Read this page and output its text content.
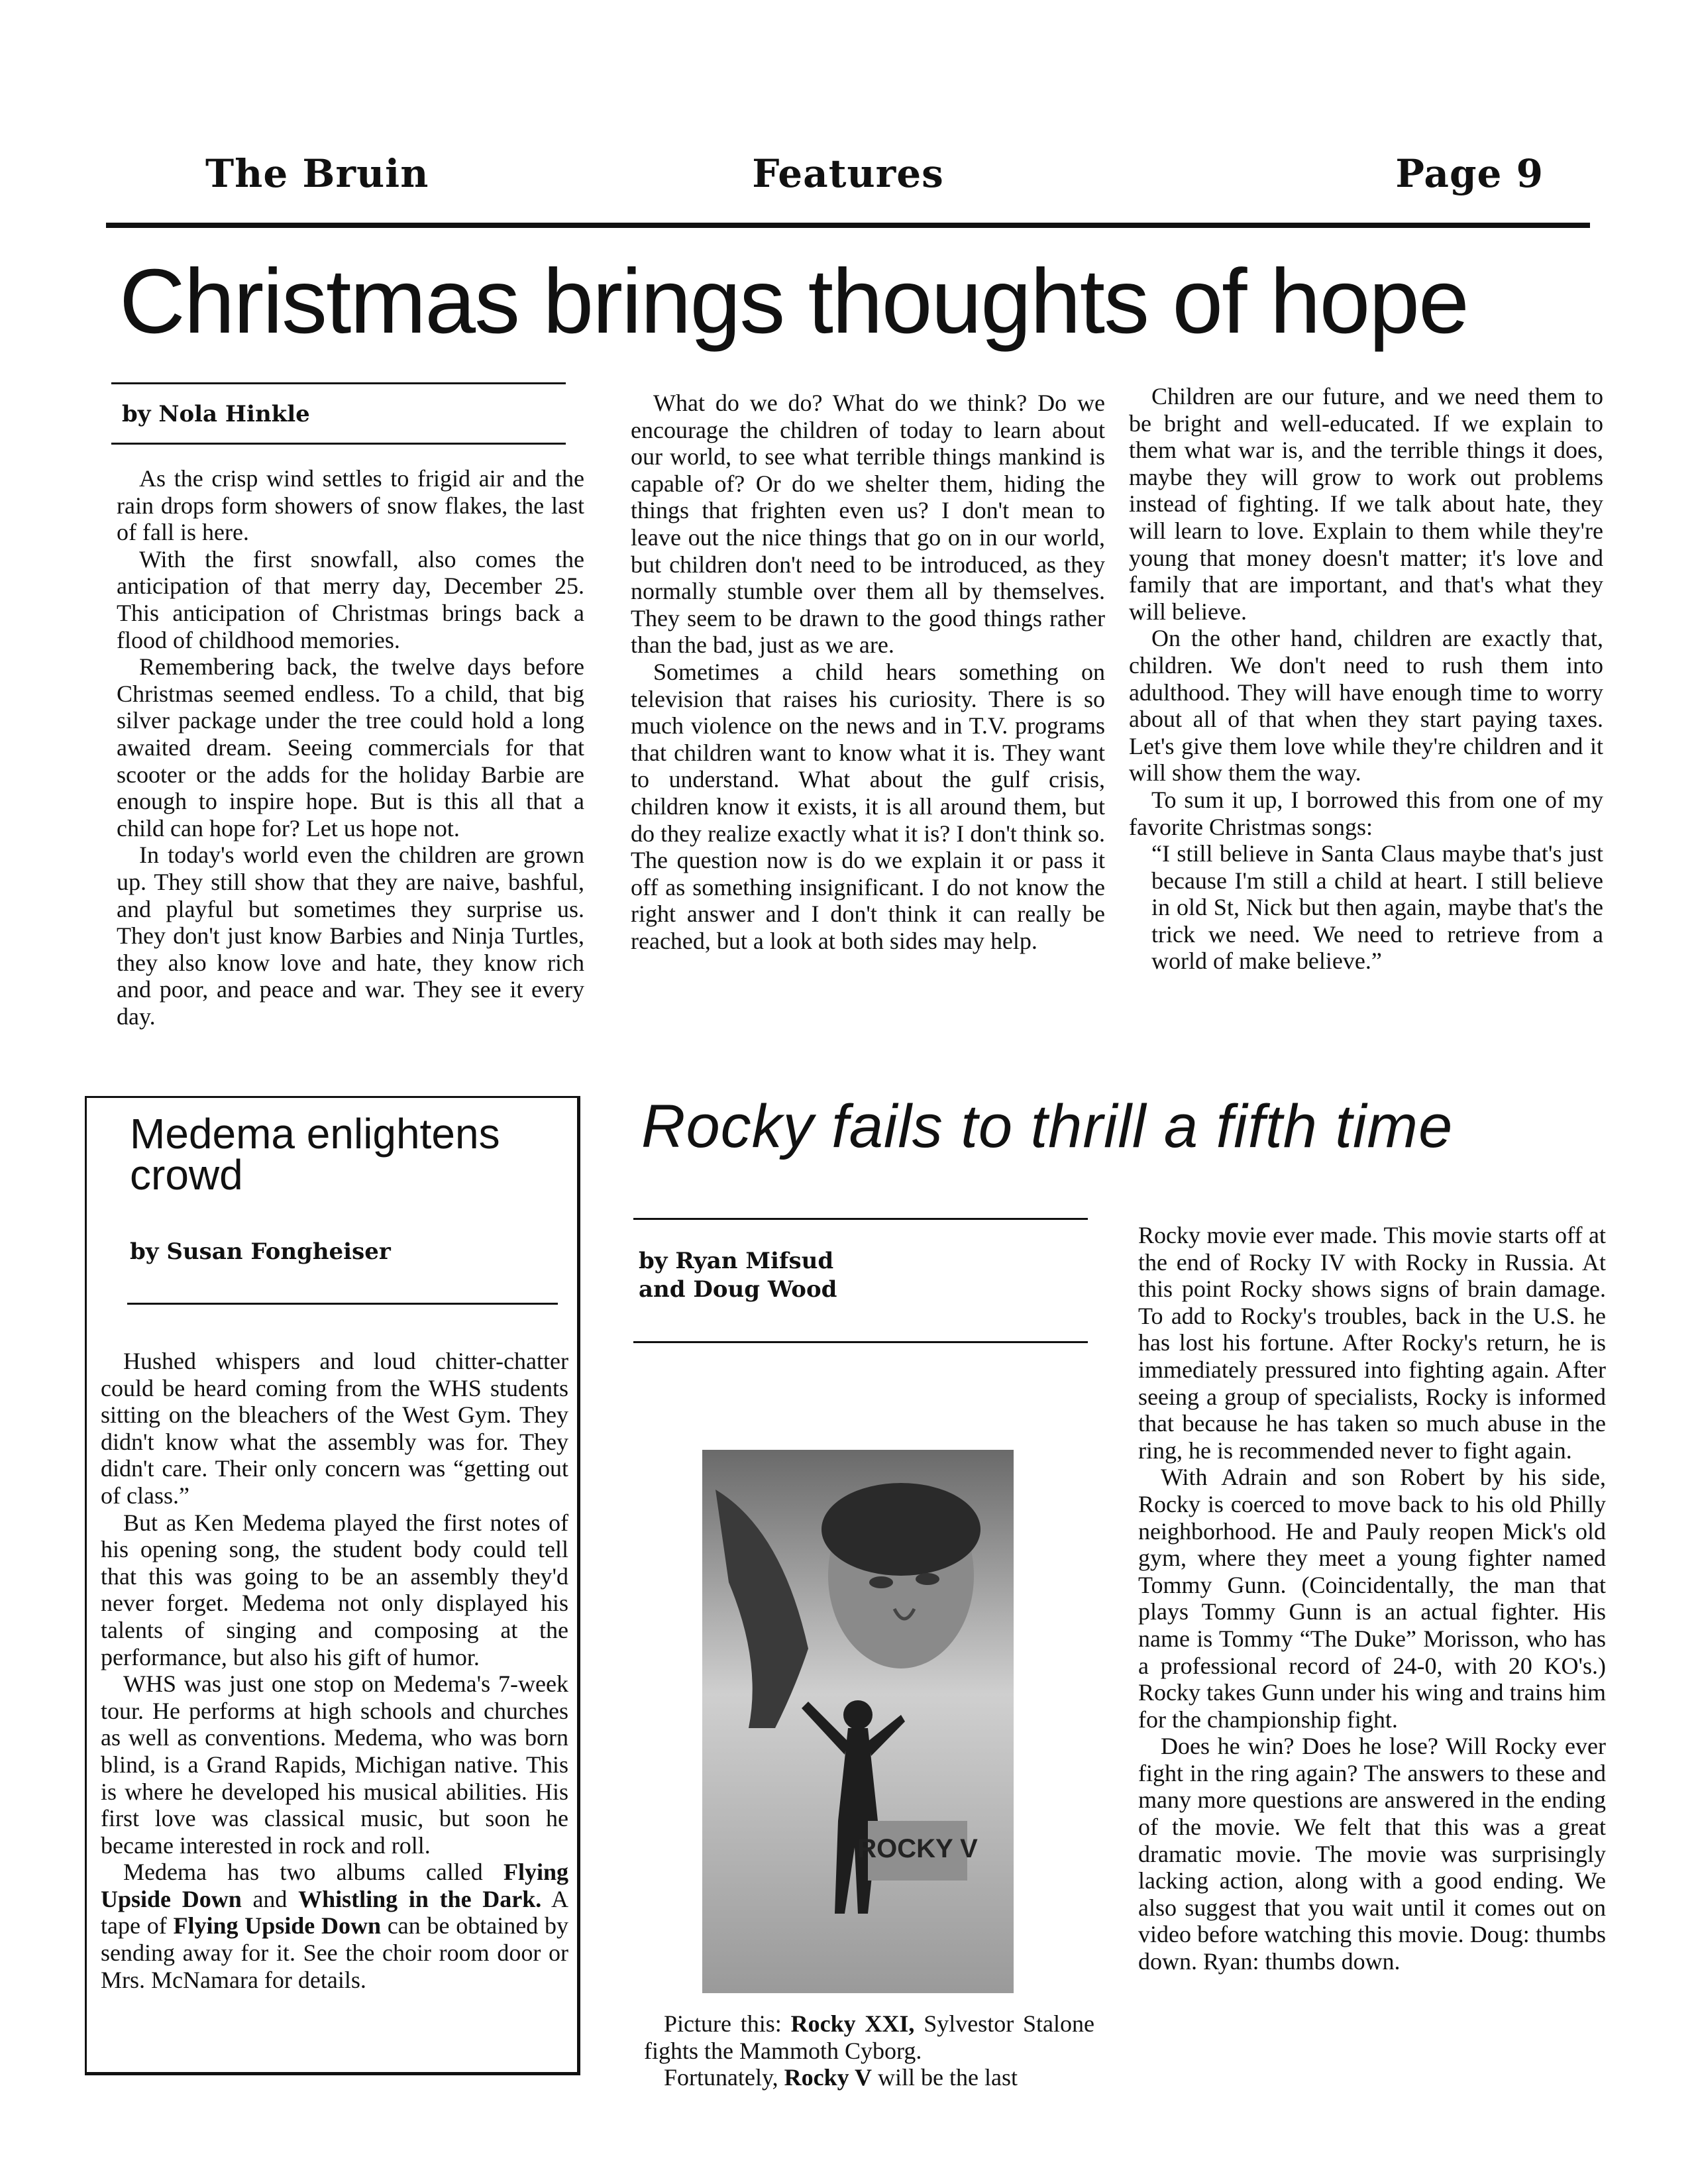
The Bruin	Features	Page 9
Christmas brings thoughts of hope
by Nola Hinkle

As the crisp wind settles to frigid air and the rain drops form showers of snow flakes, the last of fall is here.

With the first snowfall, also comes the anticipation of that merry day, December 25. This anticipation of Christmas brings back a flood of childhood memories.

Remembering back, the twelve days before Christmas seemed endless. To a child, that big silver package under the tree could hold a long awaited dream. Seeing commercials for that scooter or the adds for the holiday Barbie are enough to inspire hope. But is this all that a child can hope for? Let us hope not.

In today's world even the children are grown up. They still show that they are naive, bashful, and playful but sometimes they surprise us. They don't just know Barbies and Ninja Turtles, they also know love and hate, they know rich and poor, and peace and war. They see it every day.

What do we do? What do we think? Do we encourage the children of today to learn about our world, to see what terrible things mankind is capable of? Or do we shelter them, hiding the things that frighten even us? I don't mean to leave out the nice things that go on in our world, but children don't need to be introduced, as they normally stumble over them all by themselves. They seem to be drawn to the good things rather than the bad, just as we are.

Sometimes a child hears something on television that raises his curiosity. There is so much violence on the news and in T.V. programs that children want to know what it is. They want to understand. What about the gulf crisis, children know it exists, it is all around them, but do they realize exactly what it is? I don't think so. The question now is do we explain it or pass it off as something insignificant. I do not know the right answer and I don't think it can really be reached, but a look at both sides may help.

Children are our future, and we need them to be bright and well-educated. If we explain to them what war is, and the terrible things it does, maybe they will grow to work out problems instead of fighting. If we talk about hate, they will learn to love. Explain to them while they're young that money doesn't matter; it's love and family that are important, and that's what they will believe.

On the other hand, children are exactly that, children. We don't need to rush them into adulthood. They will have enough time to worry about all of that when they start paying taxes. Let's give them love while they're children and it will show them the way.

To sum it up, I borrowed this from one of my favorite Christmas songs:

“I still believe in Santa Claus maybe that's just because I'm still a child at heart. I still believe in old St, Nick but then again, maybe that's the trick we need. We need to retrieve from a world of make believe.”

Medema enlightens crowd
by Susan Fongheiser

Hushed whispers and loud chitter-chatter could be heard coming from the WHS students sitting on the bleachers of the West Gym. They didn't know what the assembly was for. They didn't care. Their only concern was “getting out of class.”

But as Ken Medema played the first notes of his opening song, the student body could tell that this was going to be an assembly they'd never forget. Medema not only displayed his talents of singing and composing at the performance, but also his gift of humor.

WHS was just one stop on Medema's 7-week tour. He performs at high schools and churches as well as conventions. Medema, who was born blind, is a Grand Rapids, Michigan native. This is where he developed his musical abilities. His first love was classical music, but soon he became interested in rock and roll.

Medema has two albums called Flying Upside Down and Whistling in the Dark. A tape of Flying Upside Down can be obtained by sending away for it. See the choir room door or Mrs. McNamara for details.

Rocky fails to thrill a fifth time
by Ryan Mifsud
and Doug Wood
ROCKY V

Picture this: Rocky XXI, Sylvestor Stalone fights the Mammoth Cyborg.

Fortunately, Rocky V will be the last

Rocky movie ever made. This movie starts off at the end of Rocky IV with Rocky in Russia. At this point Rocky shows signs of brain damage. To add to Rocky's troubles, back in the U.S. he has lost his fortune. After Rocky's return, he is immediately pressured into fighting again. After seeing a group of specialists, Rocky is informed that because he has taken so much abuse in the ring, he is recommended never to fight again.

With Adrain and son Robert by his side, Rocky is coerced to move back to his old Philly neighborhood. He and Pauly reopen Mick's old gym, where they meet a young fighter named Tommy Gunn. (Coincidentally, the man that plays Tommy Gunn is an actual fighter. His name is Tommy “The Duke” Morisson, who has a professional record of 24-0, with 20 KO's.) Rocky takes Gunn under his wing and trains him for the championship fight.

Does he win? Does he lose? Will Rocky ever fight in the ring again? The answers to these and many more questions are answered in the ending of the movie. We felt that this was a great dramatic movie. The movie was surprisingly lacking action, along with a good ending. We also suggest that you wait until it comes out on video before watching this movie. Doug: thumbs down. Ryan: thumbs down.
